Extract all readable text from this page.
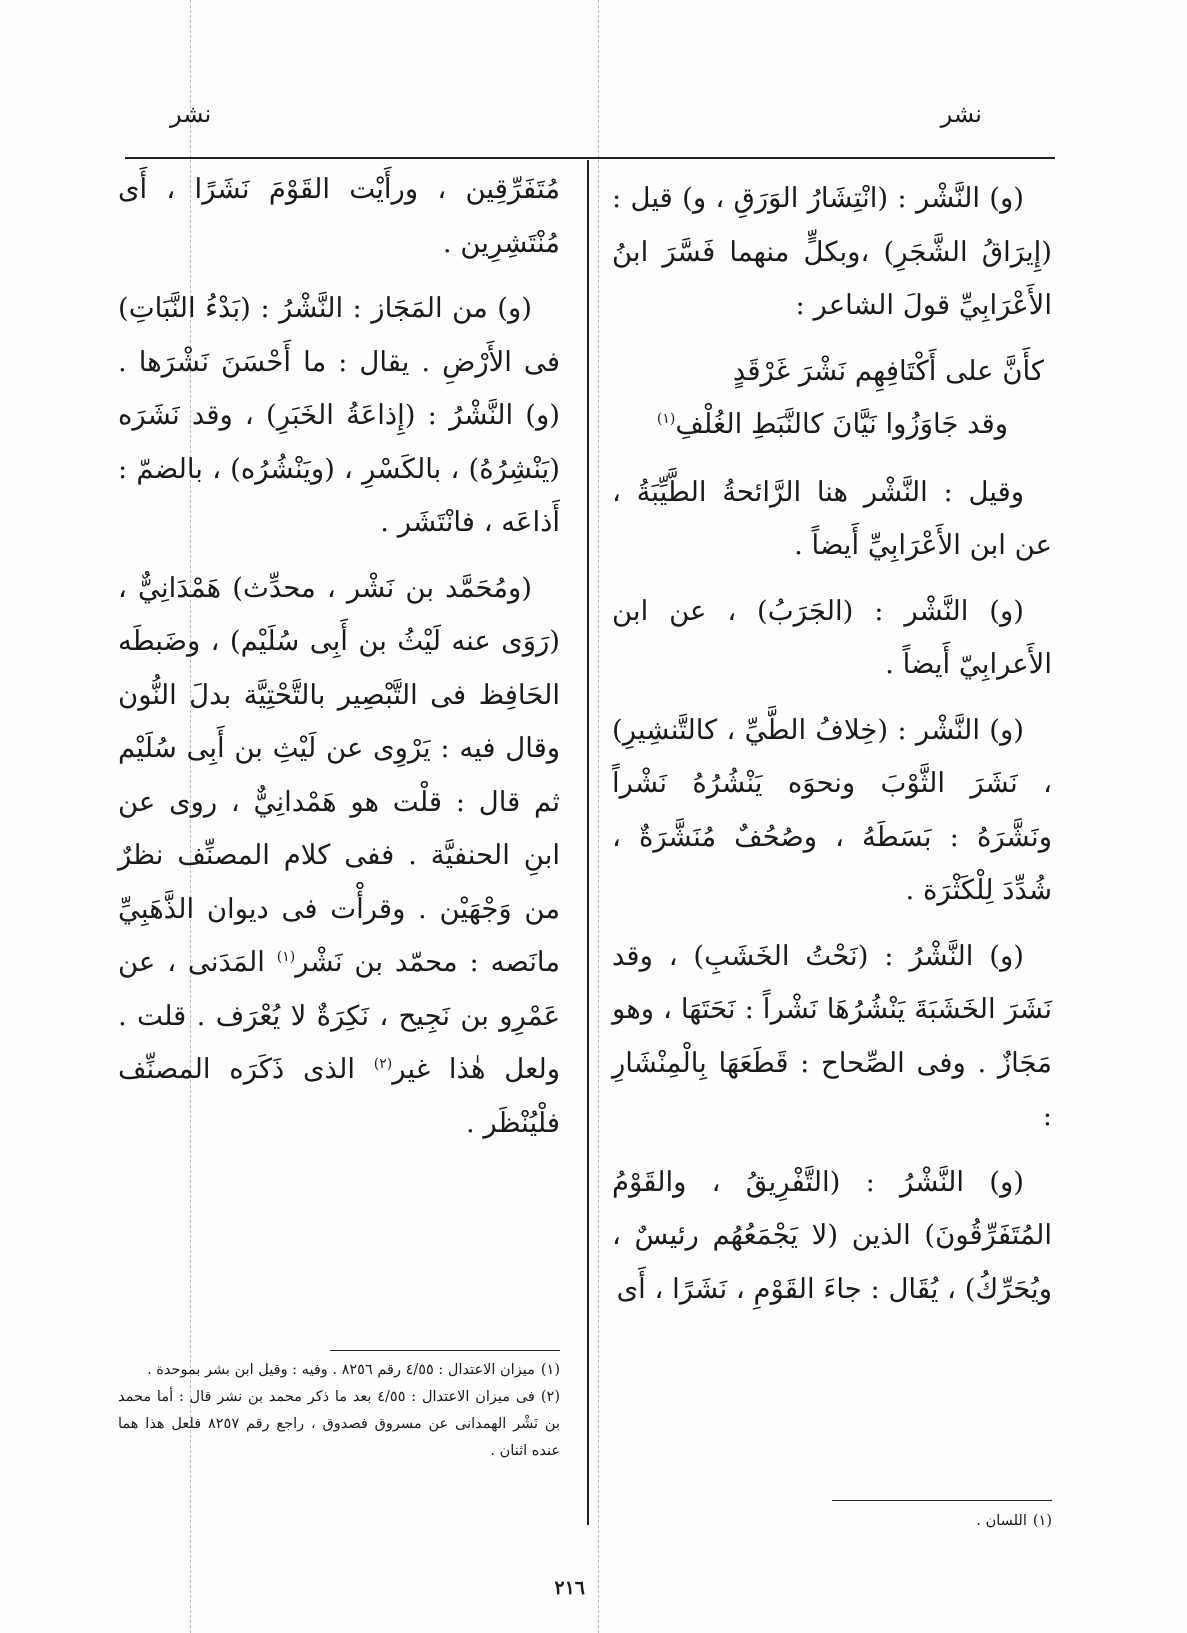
نشر
نشر

(و) النَّشْر : (انْتِشَارُ الوَرَقِ ، و) قيل : (إِيرَاقُ الشَّجَرِ) ،وبكلٍّ منهما فَسَّرَ ابنُ الأَعْرَابِيِّ قولَ الشاعر :

كأَنَّ على أَكْتَافِهِم نَشْرَ غَرْقَدٍ
وقد جَاوَزُوا نَيَّانَ كالنَّبَطِ الغُلْفِ$^{(١)}$

وقيل : النَّشْر هنا الرَّائحةُ الطَّيِّبَةُ ، عن ابن الأَعْرَابِيِّ أَيضاً .

(و) النَّشْر : (الجَرَبُ) ، عن ابن الأَعرابِيّ أَيضاً .

(و) النَّشْر : (خِلافُ الطَّيِّ ، كالتَّنشِيرِ) ، نَشَرَ الثَّوْبَ ونحوَه يَنْشُرُهُ نَشْراً ونَشَّرَهُ : بَسَطَهُ ، وصُحُفٌ مُنَشَّرَةٌ ، شُدِّدَ لِلْكَثْرَة .

(و) النَّشْرُ : (نَحْتُ الخَشَبِ) ، وقد نَشَرَ الخَشَبَةَ يَنْشُرُهَا نَشْراً : نَحَتَهَا ، وهو مَجَازٌ . وفى الصِّحاح : قَطَعَهَا بِالْمِنْشَارِ :

(و) النَّشْرُ : (التَّفْرِيقُ ، والقَوْمُ المُتَفَرِّقُونَ) الذين (لا يَجْمَعُهُم رئيسٌ ، ويُحَرِّكُ) ، يُقَال : جاءَ القَوْمِ ، نَشَرًا ، أَى

مُتَفَرِّقِين ، ورأَيْت القَوْمَ نَشَرًا ، أَى مُنْتَشِرِين .

(و) من المَجَاز : النَّشْرُ : (بَدْءُ النَّبَاتِ) فى الأَرْضِ . يقال : ما أَحْسَنَ نَشْرَها . (و) النَّشْرُ : (إِذاعَةُ الخَبَرِ) ، وقد نَشَرَه (يَنْشِرُهُ) ، بالكَسْرِ ، (ويَنْشُرُه) ، بالضمّ : أَذاعَه ، فانْتَشَر .

(ومُحَمَّد بن نَشْر ، محدِّث) هَمْدَانِيٌّ ، (رَوَى عنه لَيْثُ بن أَبِى سُلَيْم) ، وضَبطَه الحَافِظ فى التَّبْصِير بالتَّحْتِيَّة بدلَ النُّون وقال فيه : يَرْوِى عن لَيْثِ بن أَبِى سُلَيْم ثم قال : قلْت هو هَمْدانِيٌّ ، روى عن ابنِ الحنفيَّة . ففى كلام المصنِّف نظرٌ من وَجْهَيْن . وقرأْت فى ديوان الذَّهَبِيِّ مانَصه : محمّد بن نَشْر$^{(١)}$ المَدَنى ، عن عَمْرِو بن نَجِيح ، نَكِرَةٌ لا يُعْرَف . قلت . ولعل هٰذا غير$^{(٢)}$ الذى ذَكَرَه المصنِّف فلْيُنْظَر .

(١)ميزان الاعتدال : ٤/٥٥ رقم ٨٢٥٦ . وفيه : وقيل ابن بشر بموحدة .

(٢)فى ميزان الاعتدال : ٤/٥٥ بعد ما ذكر محمد بن نشر قال : أما محمد بن نَشْر الهمدانى عن مسروق فصدوق ، راجع رقم ٨٢٥٧ فلعل هذا هما عنده اثنان .

(١)اللسان .

٢١٦
